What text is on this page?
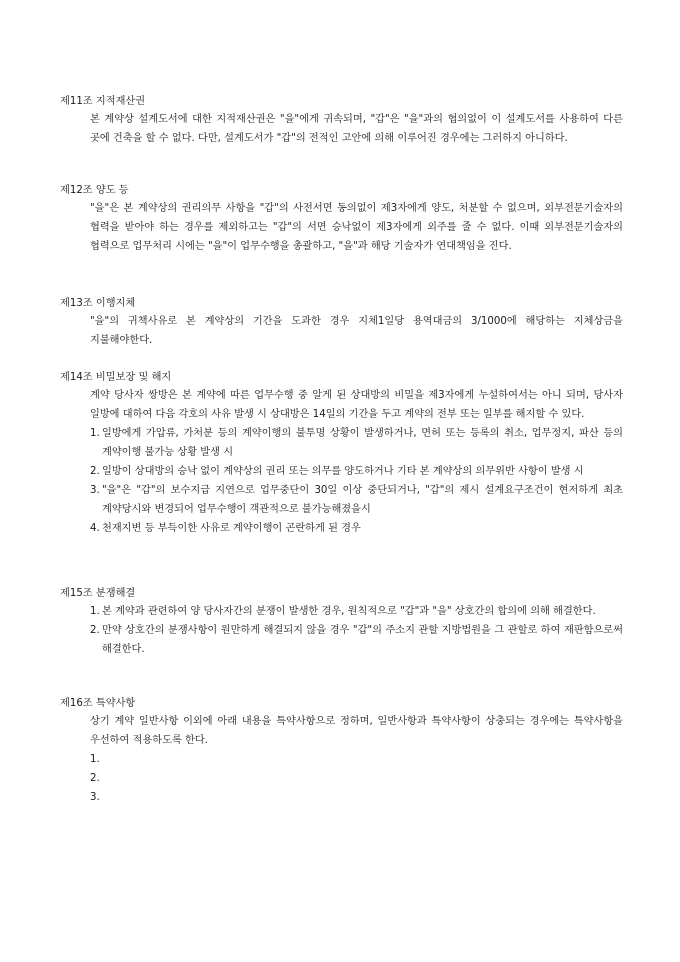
제11조 지적재산권

본 계약상 설계도서에 대한 지적재산권은 "을"에게 귀속되며, "갑"은 "을"과의 협의없이 이 설계도서를 사용하여 다른 곳에 건축을 할 수 없다. 다만, 설계도서가 "갑"의 전적인 고안에 의해 이루어진 경우에는 그러하지 아니하다.

제12조 양도 등

"을"은 본 계약상의 권리의무 사항을 "갑"의 사전서면 동의없이 제3자에게 양도, 처분할 수 없으며, 외부전문기술자의 협력을 받아야 하는 경우를 제외하고는 "갑"의 서면 승낙없이 제3자에게 외주를 줄 수 없다. 이때 외부전문기술자의 협력으로 업무처리 시에는 "을"이 업무수행을 총괄하고, "을"과 해당 기술자가 연대책임을 진다.

제13조 이행지체

"을"의 귀책사유로 본 계약상의 기간을 도과한 경우 지체1일당 용역대금의 3/1000에 해당하는 지체상금을 지불해야한다.

제14조 비밀보장 및 해지

계약 당사자 쌍방은 본 계약에 따른 업무수행 중 알게 된 상대방의 비밀을 제3자에게 누설하여서는 아니 되며, 당사자 일방에 대하여 다음 각호의 사유 발생 시 상대방은 14일의 기간을 두고 계약의 전부 또는 일부를 해지할 수 있다.

1. 일방에게 가압류, 가처분 등의 계약이행의 불투명 상황이 발생하거나, 면허 또는 등록의 취소, 업무정지, 파산 등의 계약이행 불가능 상황 발생 시
2. 일방이 상대방의 승낙 없이 계약상의 권리 또는 의무를 양도하거나 기타 본 계약상의 의무위반 사항이 발생 시
3. "을"은 "갑"의 보수지급 지연으로 업무중단이 30일 이상 중단되거나, "갑"의 제시 설계요구조건이 현저하게 최초 계약당시와 변경되어 업무수행이 객관적으로 불가능해졌을시
4. 천재지변 등 부득이한 사유로 계약이행이 곤란하게 된 경우
제15조 분쟁해결
1. 본 계약과 관련하여 양 당사자간의 분쟁이 발생한 경우, 원칙적으로 "갑"과 "을" 상호간의 합의에 의해 해결한다.
2. 만약 상호간의 분쟁사항이 원만하게 해결되지 않을 경우 "갑"의 주소지 관할 지방법원을 그 관할로 하여 재판함으로써 해결한다.
제16조 특약사항

상기 계약 일반사항 이외에 아래 내용을 특약사항으로 정하며, 일반사항과 특약사항이 상충되는 경우에는 특약사항을 우선하여 적용하도록 한다.

1.
2.
3.
